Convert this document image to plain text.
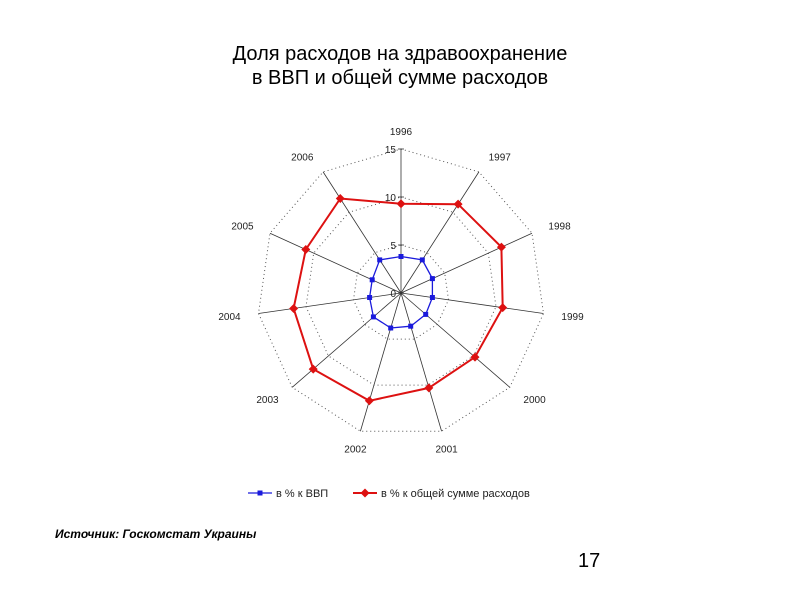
Доля расходов на здравоохранение
в ВВП и общей сумме расходов
1996
1997
1998
1999
2000
2001
2002
2003
2004
2005
2006
0
5
10
15
в % к ВВП	в % к общей сумме расходов
Источник: Госкомстат Украины
17
